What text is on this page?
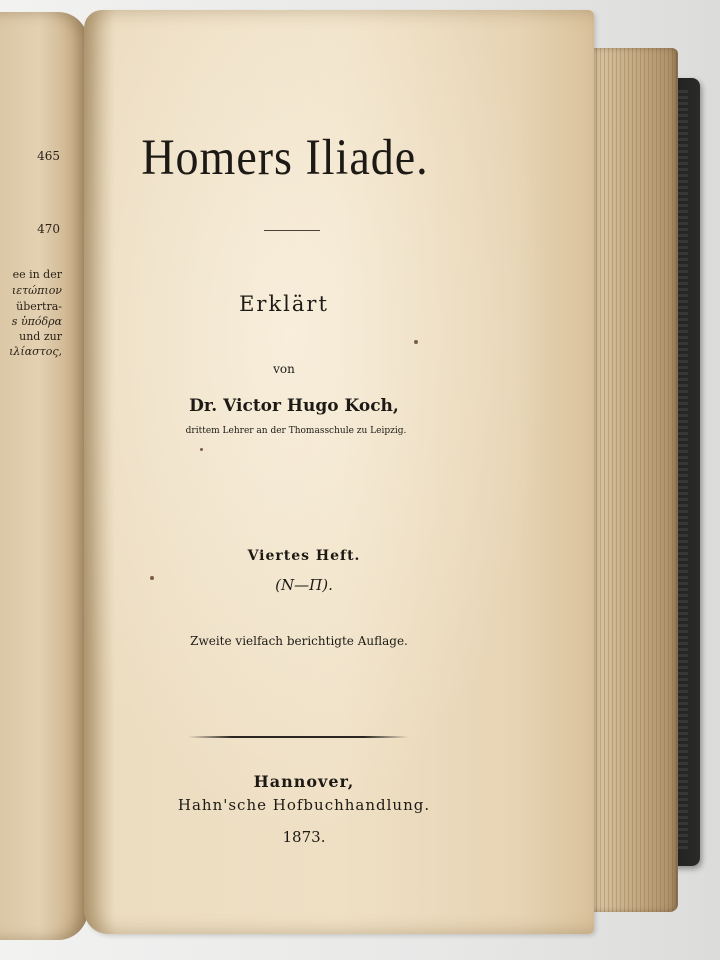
465
470
ee in der
ιετώπιον
übertra-
s ὑπόδρα
und zur
ιλίαστος,
Homers Iliade.
Erklärt
von
Dr. Victor Hugo Koch,
drittem Lehrer an der Thomasschule zu Leipzig.
Viertes Heft.
(N—Π).
Zweite vielfach berichtigte Auflage.
Hannover,
Hahn'sche Hofbuchhandlung.
1873.
